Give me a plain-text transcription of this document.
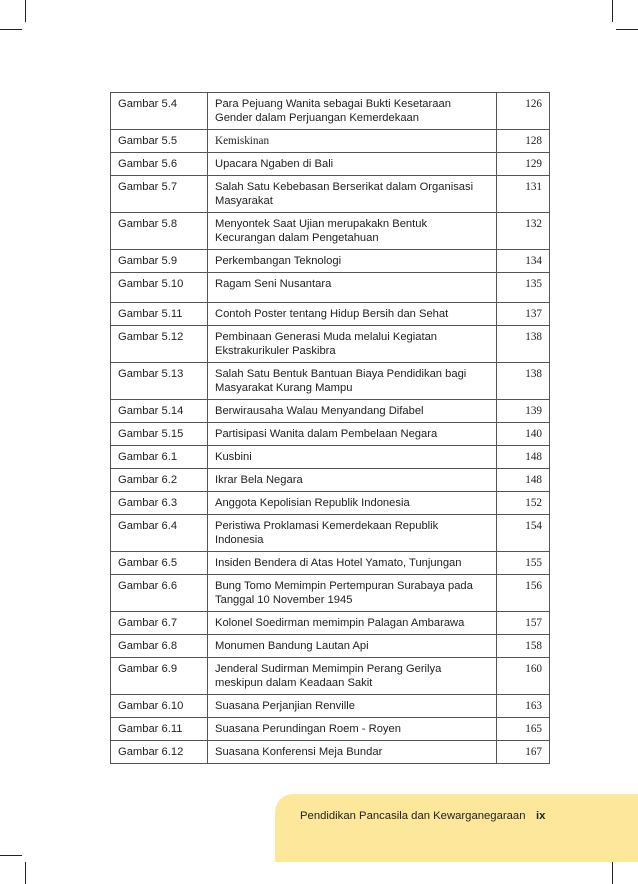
Gambar 5.4	Para Pejuang Wanita sebagai Bukti Kesetaraan Gender dalam Perjuangan Kemerdekaan	126
Gambar 5.5	Kemiskinan	128
Gambar 5.6	Upacara Ngaben di Bali	129
Gambar 5.7	Salah Satu Kebebasan Berserikat dalam Organisasi Masyarakat	131
Gambar 5.8	Menyontek Saat Ujian merupakakn Bentuk Kecurangan dalam Pengetahuan	132
Gambar 5.9	Perkembangan Teknologi	134
Gambar 5.10	Ragam Seni Nusantara	135
Gambar 5.11	Contoh Poster tentang Hidup Bersih dan Sehat	137
Gambar 5.12	Pembinaan Generasi Muda melalui Kegiatan Ekstrakurikuler Paskibra	138
Gambar 5.13	Salah Satu Bentuk Bantuan Biaya Pendidikan bagi Masyarakat Kurang Mampu	138
Gambar 5.14	Berwirausaha Walau Menyandang Difabel	139
Gambar 5.15	Partisipasi Wanita dalam Pembelaan Negara	140
Gambar 6.1	Kusbini	148
Gambar 6.2	Ikrar Bela Negara	148
Gambar 6.3	Anggota Kepolisian Republik Indonesia	152
Gambar 6.4	Peristiwa Proklamasi Kemerdekaan Republik Indonesia	154
Gambar 6.5	Insiden Bendera di Atas Hotel Yamato, Tunjungan	155
Gambar 6.6	Bung Tomo Memimpin Pertempuran Surabaya pada Tanggal 10 November 1945	156
Gambar 6.7	Kolonel Soedirman memimpin Palagan Ambarawa	157
Gambar 6.8	Monumen Bandung Lautan Api	158
Gambar 6.9	Jenderal Sudirman Memimpin Perang Gerilya meskipun dalam Keadaan Sakit	160
Gambar 6.10	Suasana Perjanjian Renville	163
Gambar 6.11	Suasana Perundingan Roem - Royen	165
Gambar 6.12	Suasana Konferensi Meja Bundar	167
Pendidikan Pancasila dan Kewarganegaraan ix
